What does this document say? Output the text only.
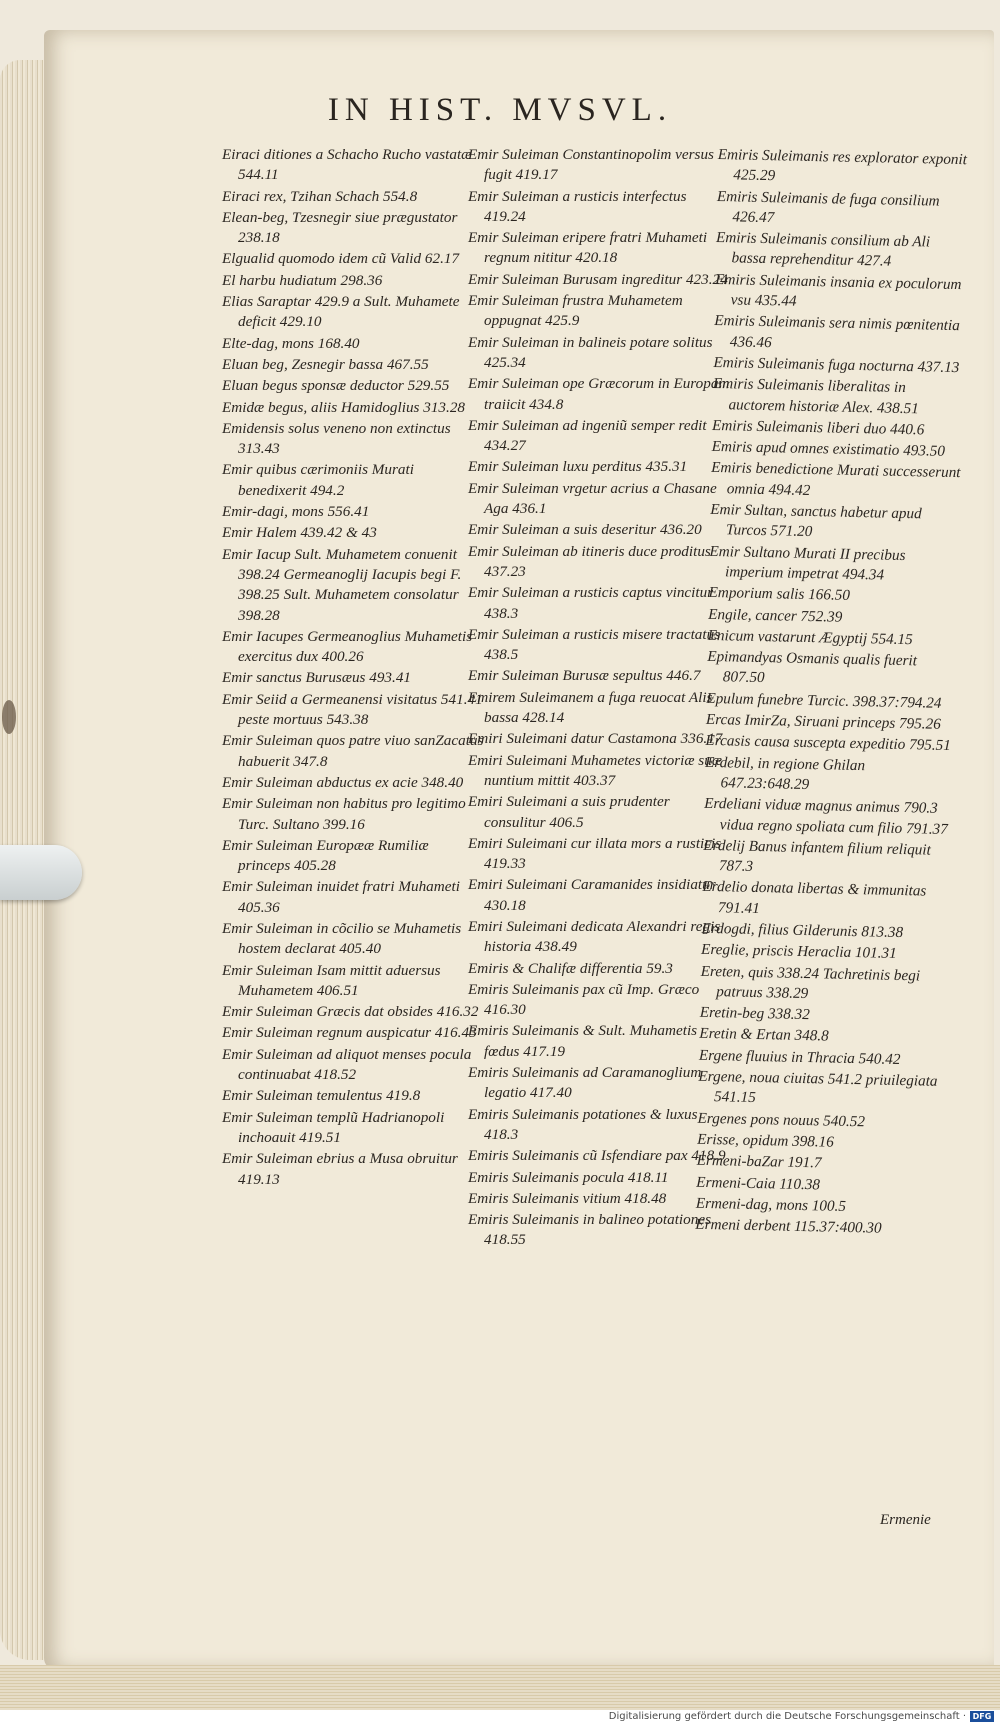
IN HIST. MVSVL.

Eiraci ditiones a Schacho Rucho vastatæ 544.11

Eiraci rex, Tzihan Schach 554.8

Elean-beg, Tzesnegir siue prægustator 238.18

Elgualid quomodo idem cũ Valid 62.17

El harbu hudiatum 298.36

Elias Saraptar 429.9 a Sult. Muhamete deficit 429.10

Elte-dag, mons 168.40

Eluan beg, Zesnegir bassa 467.55

Eluan begus sponsæ deductor 529.55

Emidæ begus, aliis Hamidoglius 313.28

Emidensis solus veneno non extinctus 313.43

Emir quibus cærimoniis Murati benedixerit 494.2

Emir-dagi, mons 556.41

Emir Halem 439.42 & 43

Emir Iacup Sult. Muhametem conuenit 398.24 Germeanoglij Iacupis begi F. 398.25 Sult. Muhametem consolatur 398.28

Emir Iacupes Germeanoglius Muhametis exercitus dux 400.26

Emir sanctus Burusæus 493.41

Emir Seiid a Germeanensi visitatus 541.41 peste mortuus 543.38

Emir Suleiman quos patre viuo sanZacatus habuerit 347.8

Emir Suleiman abductus ex acie 348.40

Emir Suleiman non habitus pro legitimo Turc. Sultano 399.16

Emir Suleiman Europææ Rumiliæ princeps 405.28

Emir Suleiman inuidet fratri Muhameti 405.36

Emir Suleiman in cõcilio se Muhametis hostem declarat 405.40

Emir Suleiman Isam mittit aduersus Muhametem 406.51

Emir Suleiman Græcis dat obsides 416.32

Emir Suleiman regnum auspicatur 416.43

Emir Suleiman ad aliquot menses pocula continuabat 418.52

Emir Suleiman temulentus 419.8

Emir Suleiman templũ Hadrianopoli inchoauit 419.51

Emir Suleiman ebrius a Musa obruitur 419.13

Emir Suleiman Constantinopolim versus fugit 419.17

Emir Suleiman a rusticis interfectus 419.24

Emir Suleiman eripere fratri Muhameti regnum nititur 420.18

Emir Suleiman Burusam ingreditur 423.24

Emir Suleiman frustra Muhametem oppugnat 425.9

Emir Suleiman in balineis potare solitus 425.34

Emir Suleiman ope Græcorum in Europam traiicit 434.8

Emir Suleiman ad ingeniũ semper redit 434.27

Emir Suleiman luxu perditus 435.31

Emir Suleiman vrgetur acrius a Chasane Aga 436.1

Emir Suleiman a suis deseritur 436.20

Emir Suleiman ab itineris duce proditus 437.23

Emir Suleiman a rusticis captus vincitur 438.3

Emir Suleiman a rusticis misere tractatus 438.5

Emir Suleiman Burusæ sepultus 446.7

Emirem Suleimanem a fuga reuocat Alis bassa 428.14

Emiri Suleimani datur Castamona 336.17

Emiri Suleimani Muhametes victoriæ suæ nuntium mittit 403.37

Emiri Suleimani a suis prudenter consulitur 406.5

Emiri Suleimani cur illata mors a rusticis 419.33

Emiri Suleimani Caramanides insidiatur 430.18

Emiri Suleimani dedicata Alexandri regis historia 438.49

Emiris & Chalifæ differentia 59.3

Emiris Suleimanis pax cũ Imp. Græco 416.30

Emiris Suleimanis & Sult. Muhametis fœdus 417.19

Emiris Suleimanis ad Caramanoglium legatio 417.40

Emiris Suleimanis potationes & luxus 418.3

Emiris Suleimanis cũ Isfendiare pax 418.9

Emiris Suleimanis pocula 418.11

Emiris Suleimanis vitium 418.48

Emiris Suleimanis in balineo potationes 418.55

Emiris Suleimanis res explorator exponit 425.29

Emiris Suleimanis de fuga consilium 426.47

Emiris Suleimanis consilium ab Ali bassa reprehenditur 427.4

Emiris Suleimanis insania ex poculorum vsu 435.44

Emiris Suleimanis sera nimis pœnitentia 436.46

Emiris Suleimanis fuga nocturna 437.13

Emiris Suleimanis liberalitas in auctorem historiæ Alex. 438.51

Emiris Suleimanis liberi duo 440.6

Emiris apud omnes existimatio 493.50

Emiris benedictione Murati successerunt omnia 494.42

Emir Sultan, sanctus habetur apud Turcos 571.20

Emir Sultano Murati II precibus imperium impetrat 494.34

Emporium salis 166.50

Engile, cancer 752.39

Enicum vastarunt Ægyptij 554.15

Epimandyas Osmanis qualis fuerit 807.50

Epulum funebre Turcic. 398.37:794.24

Ercas ImirZa, Siruani princeps 795.26

Ercasis causa suscepta expeditio 795.51

Erdebil, in regione Ghilan 647.23:648.29

Erdeliani viduæ magnus animus 790.3 vidua regno spoliata cum filio 791.37

Erdelij Banus infantem filium reliquit 787.3

Erdelio donata libertas & immunitas 791.41

Erdogdi, filius Gilderunis 813.38

Ereglie, priscis Heraclia 101.31

Ereten, quis 338.24 Tachretinis begi patruus 338.29

Eretin-beg 338.32

Eretin & Ertan 348.8

Ergene fluuius in Thracia 540.42

Ergene, noua ciuitas 541.2 priuilegiata 541.15

Ergenes pons nouus 540.52

Erisse, opidum 398.16

Ermeni-baZar 191.7

Ermeni-Caia 110.38

Ermeni-dag, mons 100.5

Ermeni derbent 115.37:400.30

Ermenie
Digitalisierung gefördert durch die Deutsche Forschungsgemeinschaft · DFG
